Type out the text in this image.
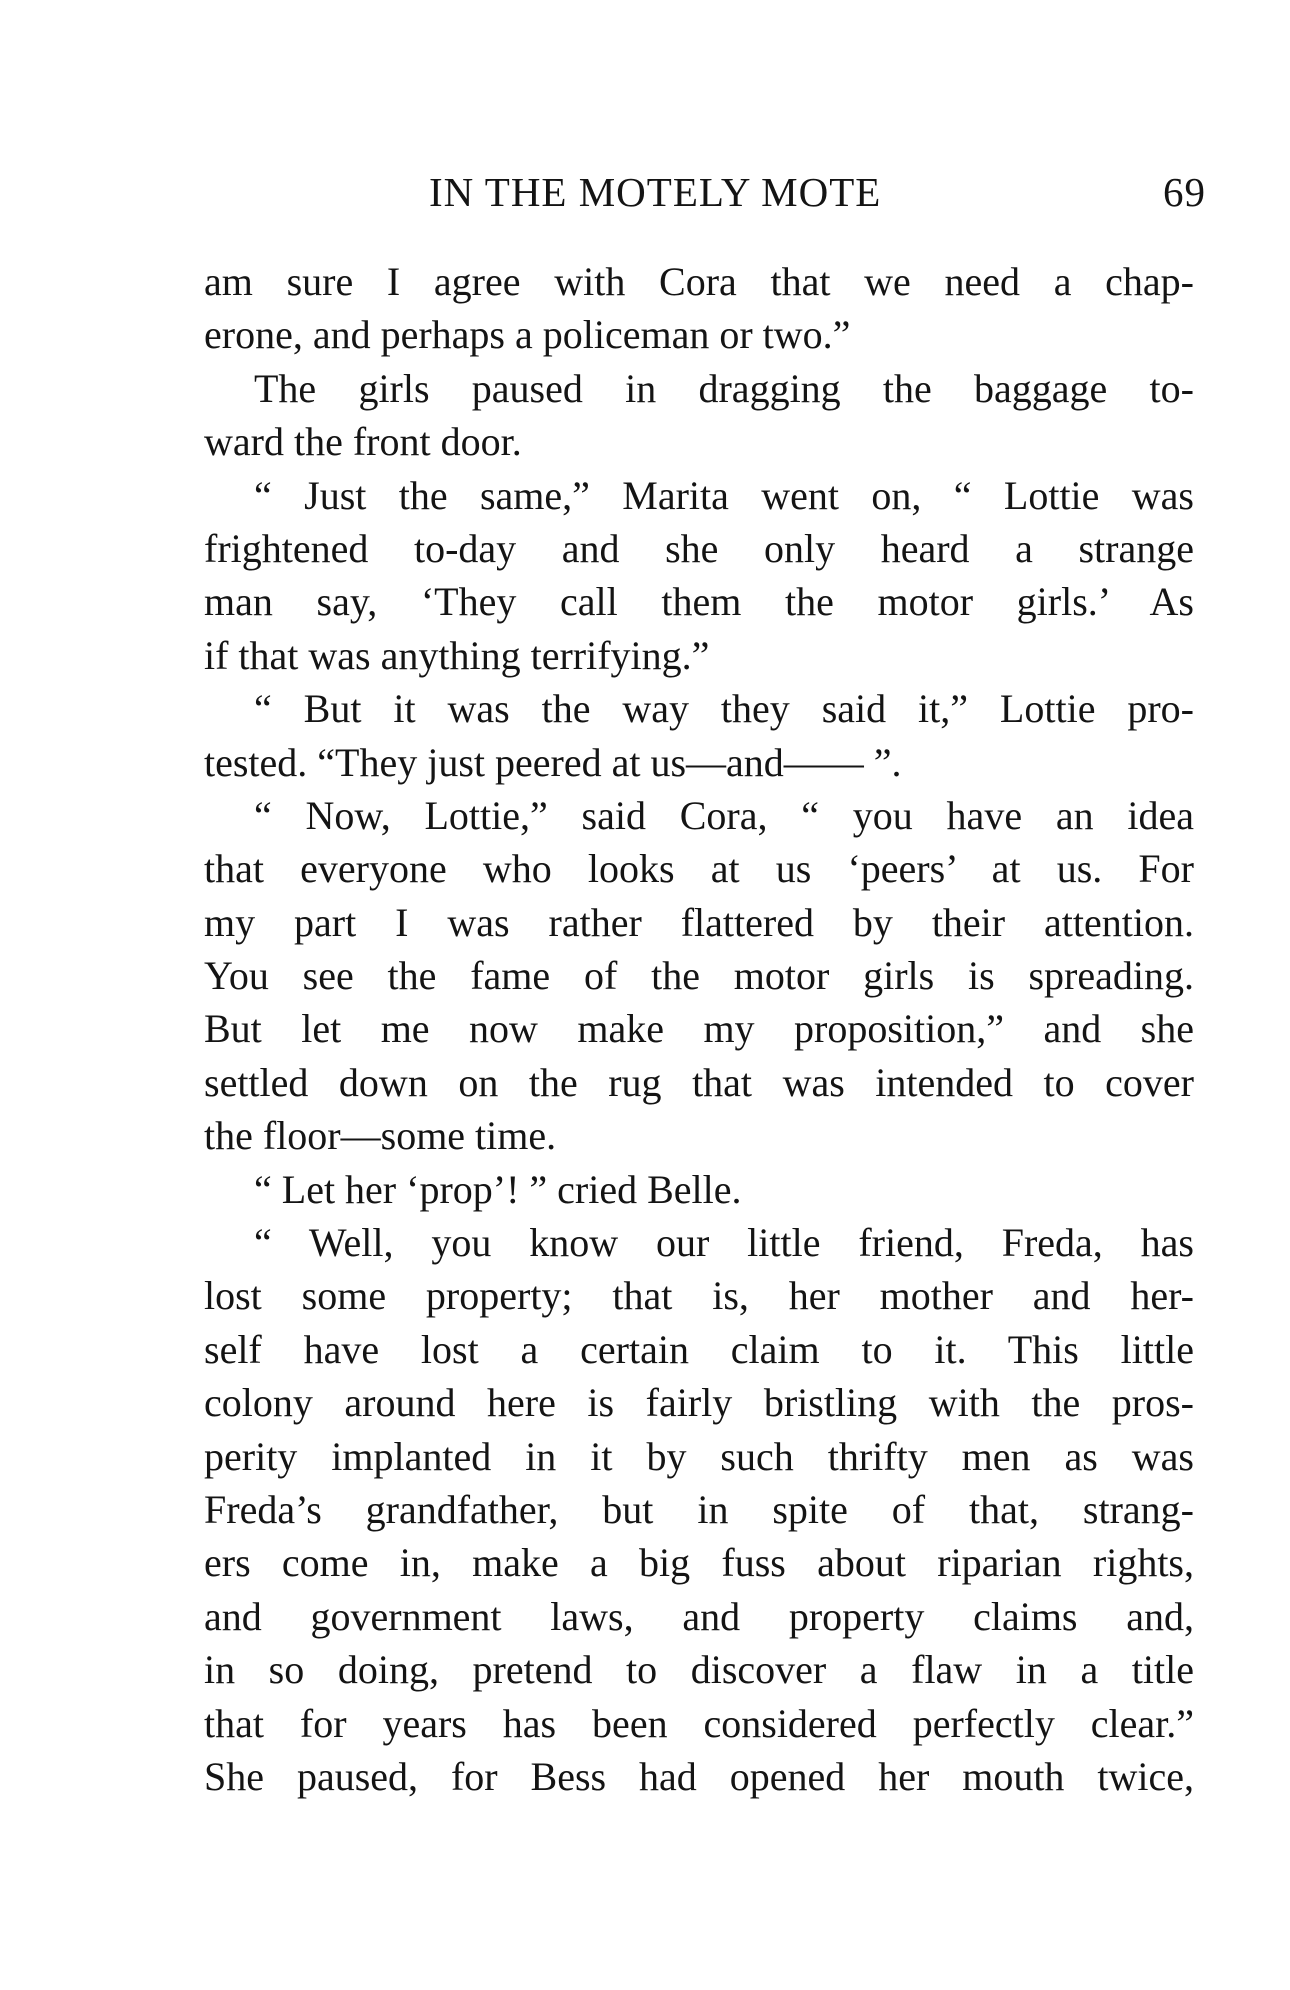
IN THE MOTELY MOTE	69
am sure I agree with Cora that we need a chap-
erone, and perhaps a policeman or two.”
The girls paused in dragging the baggage to-
ward the front door.
“ Just the same,” Marita went on, “ Lottie was
frightened to-day and she only heard a strange
man say, ‘They call them the motor girls.’ As
if that was anything terrifying.”
“ But it was the way they said it,” Lottie pro-
tested. “They just peered at us—and—— ”.
“ Now, Lottie,” said Cora, “ you have an idea
that everyone who looks at us ‘peers’ at us. For
my part I was rather flattered by their attention.
You see the fame of the motor girls is spreading.
But let me now make my proposition,” and she
settled down on the rug that was intended to cover
the floor—some time.
“ Let her ‘prop’! ” cried Belle.
“ Well, you know our little friend, Freda, has
lost some property; that is, her mother and her-
self have lost a certain claim to it. This little
colony around here is fairly bristling with the pros-
perity implanted in it by such thrifty men as was
Freda’s grandfather, but in spite of that, strang-
ers come in, make a big fuss about riparian rights,
and government laws, and property claims and,
in so doing, pretend to discover a flaw in a title
that for years has been considered perfectly clear.”
She paused, for Bess had opened her mouth twice,
